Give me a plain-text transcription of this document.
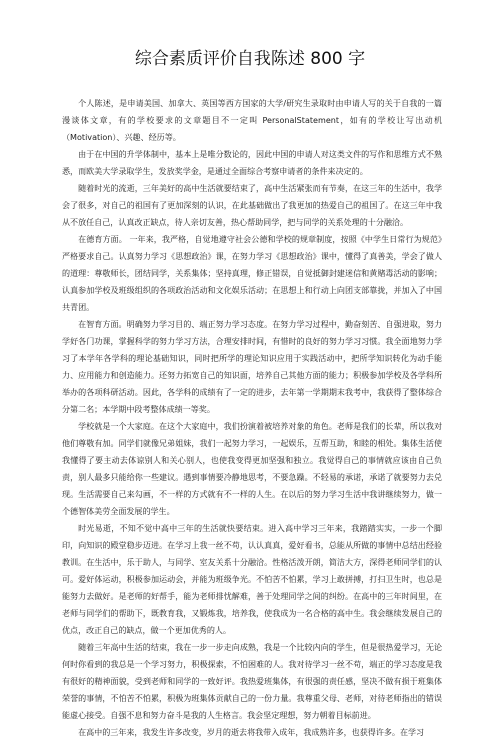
综合素质评价自我陈述 800 字

个人陈述，是申请美国、加拿大、英国等西方国家的大学/研究生录取时由申请人写的关于自我的一篇漫谈体文章，有的学校要求的文章题目不一定叫 PersonalStatement，如有的学校让写出动机（Motivation）、兴趣、经历等。

由于在中国的升学体制中，基本上是唯分数论的，因此中国的申请人对这类文件的写作和思维方式不熟悉，而欧美大学录取学生，发放奖学金，是通过全面综合考察申请者的条件来决定的。

随着时光的流逝，三年美好的高中生活就要结束了，高中生活紧张而有节奏，在这三年的生活中，我学会了很多，对自己的祖国有了更加深刻的认识，在此基础做出了我更加的热爱自己的祖国了。在这三年中我从不放任自己，认真改正缺点，待人亲切友善，热心帮助同学，把与同学的关系处理的十分融洽。

在德育方面。 一年来，我严格，自觉地遵守社会公德和学校的规章制度，按照《中学生日常行为规范》严格要求自己。认真努力学习《思想政治》课，在努力学习《思想政治》课中，懂得了真善美，学会了做人的道理：尊敬师长，团结同学，关系集体；坚持真理，修正错误，自觉抵御封建迷信和黄赌毒活动的影响；认真参加学校及班级组织的各项政治活动和文化娱乐活动；在思想上和行动上向团支部靠拢，并加入了中国共青团。

在智育方面。明确努力学习目的、端正努力学习态度。在努力学习过程中，勤奋刻苦、自强进取，努力学好各门功课，掌握科学的努力学习方法，合理安排时间，有惜时的良好的努力学习习惯。我全面地努力学习了本学年各学科的理论基础知识，同时把所学的理论知识应用于实践活动中，把所学知识转化为动手能力、应用能力和创造能力。还努力拓宽自己的知识面，培养自己其他方面的能力；积极参加学校及各学科所举办的各项科研活动。因此，各学科的成绩有了一定的进步，去年第一学期期末我考中，我获得了整体综合分第二名；本学期中段考整体成绩一等奖。

学校就是一个大家庭。在这个大家庭中，我们扮演着被培养对象的角色。老师是我们的长辈，所以我对他们尊敬有加。同学们就像兄弟姐妹，我们一起努力学习，一起娱乐，互帮互助，和睦的相处。集体生活使我懂得了要主动去体谅别人和关心别人，也使我变得更加坚强和独立。我觉得自己的事情就应该由自己负责，别人最多只能给你一些建议。遇到事情要冷静地思考，不要急躁。不轻易的承诺，承诺了就要努力去兑现。生活需要自己来勾画，不一样的方式就有不一样的人生。在以后的努力学习生活中我讲继续努力，做一个德智体美劳全面发展的学生。

时光易逝，不知不觉中高中三年的生活就快要结束。进入高中学习三年来，我踏踏实实，一步一个脚印，向知识的殿堂稳步迈进。在学习上我一丝不苟，认认真真，爱好看书，总能从所做的事情中总结出经验教训。在生活中，乐于助人，与同学、室友关系十分融洽。性格活泼开朗，简洁大方，深得老师同学们的认可。爱好体运动，积极参加运动会，并能为班级争光。不怕苦不怕累，学习上敢拼搏，打扫卫生时，也总是能努力去做好。是老师的好帮手，能为老师排忧解难，善于处理同学之间的纠纷。在高中的三年时间里，在老师与同学们的帮助下，既教育我，又锻炼我，培养我，使我成为一名合格的高中生。我会继续发展自己的优点，改正自己的缺点，做一个更加优秀的人。

随着三年高中生活的结束，我在一步一步走向成熟，我是一个比较内向的学生，但是很热爱学习，无论何时你看到的我总是一个学习努力，积极探索，不怕困难的人。我对待学习一丝不苟，端正的学习态度是我有很好的精神面貌，受到老师和同学的一致好评。我热爱班集体，有很强的责任感，坚决不做有损于班集体荣誉的事情，不怕苦不怕累，积极为班集体贡献自己的一份力量。我尊重父母、老师，对待老师指出的错误能虚心接受。自强不息和努力奋斗是我的人生格言。我会坚定理想，努力朝着目标前进。

在高中的三年来，我发生许多改变，岁月的逝去将我带入成年，我成熟许多，也获得许多。在学习
